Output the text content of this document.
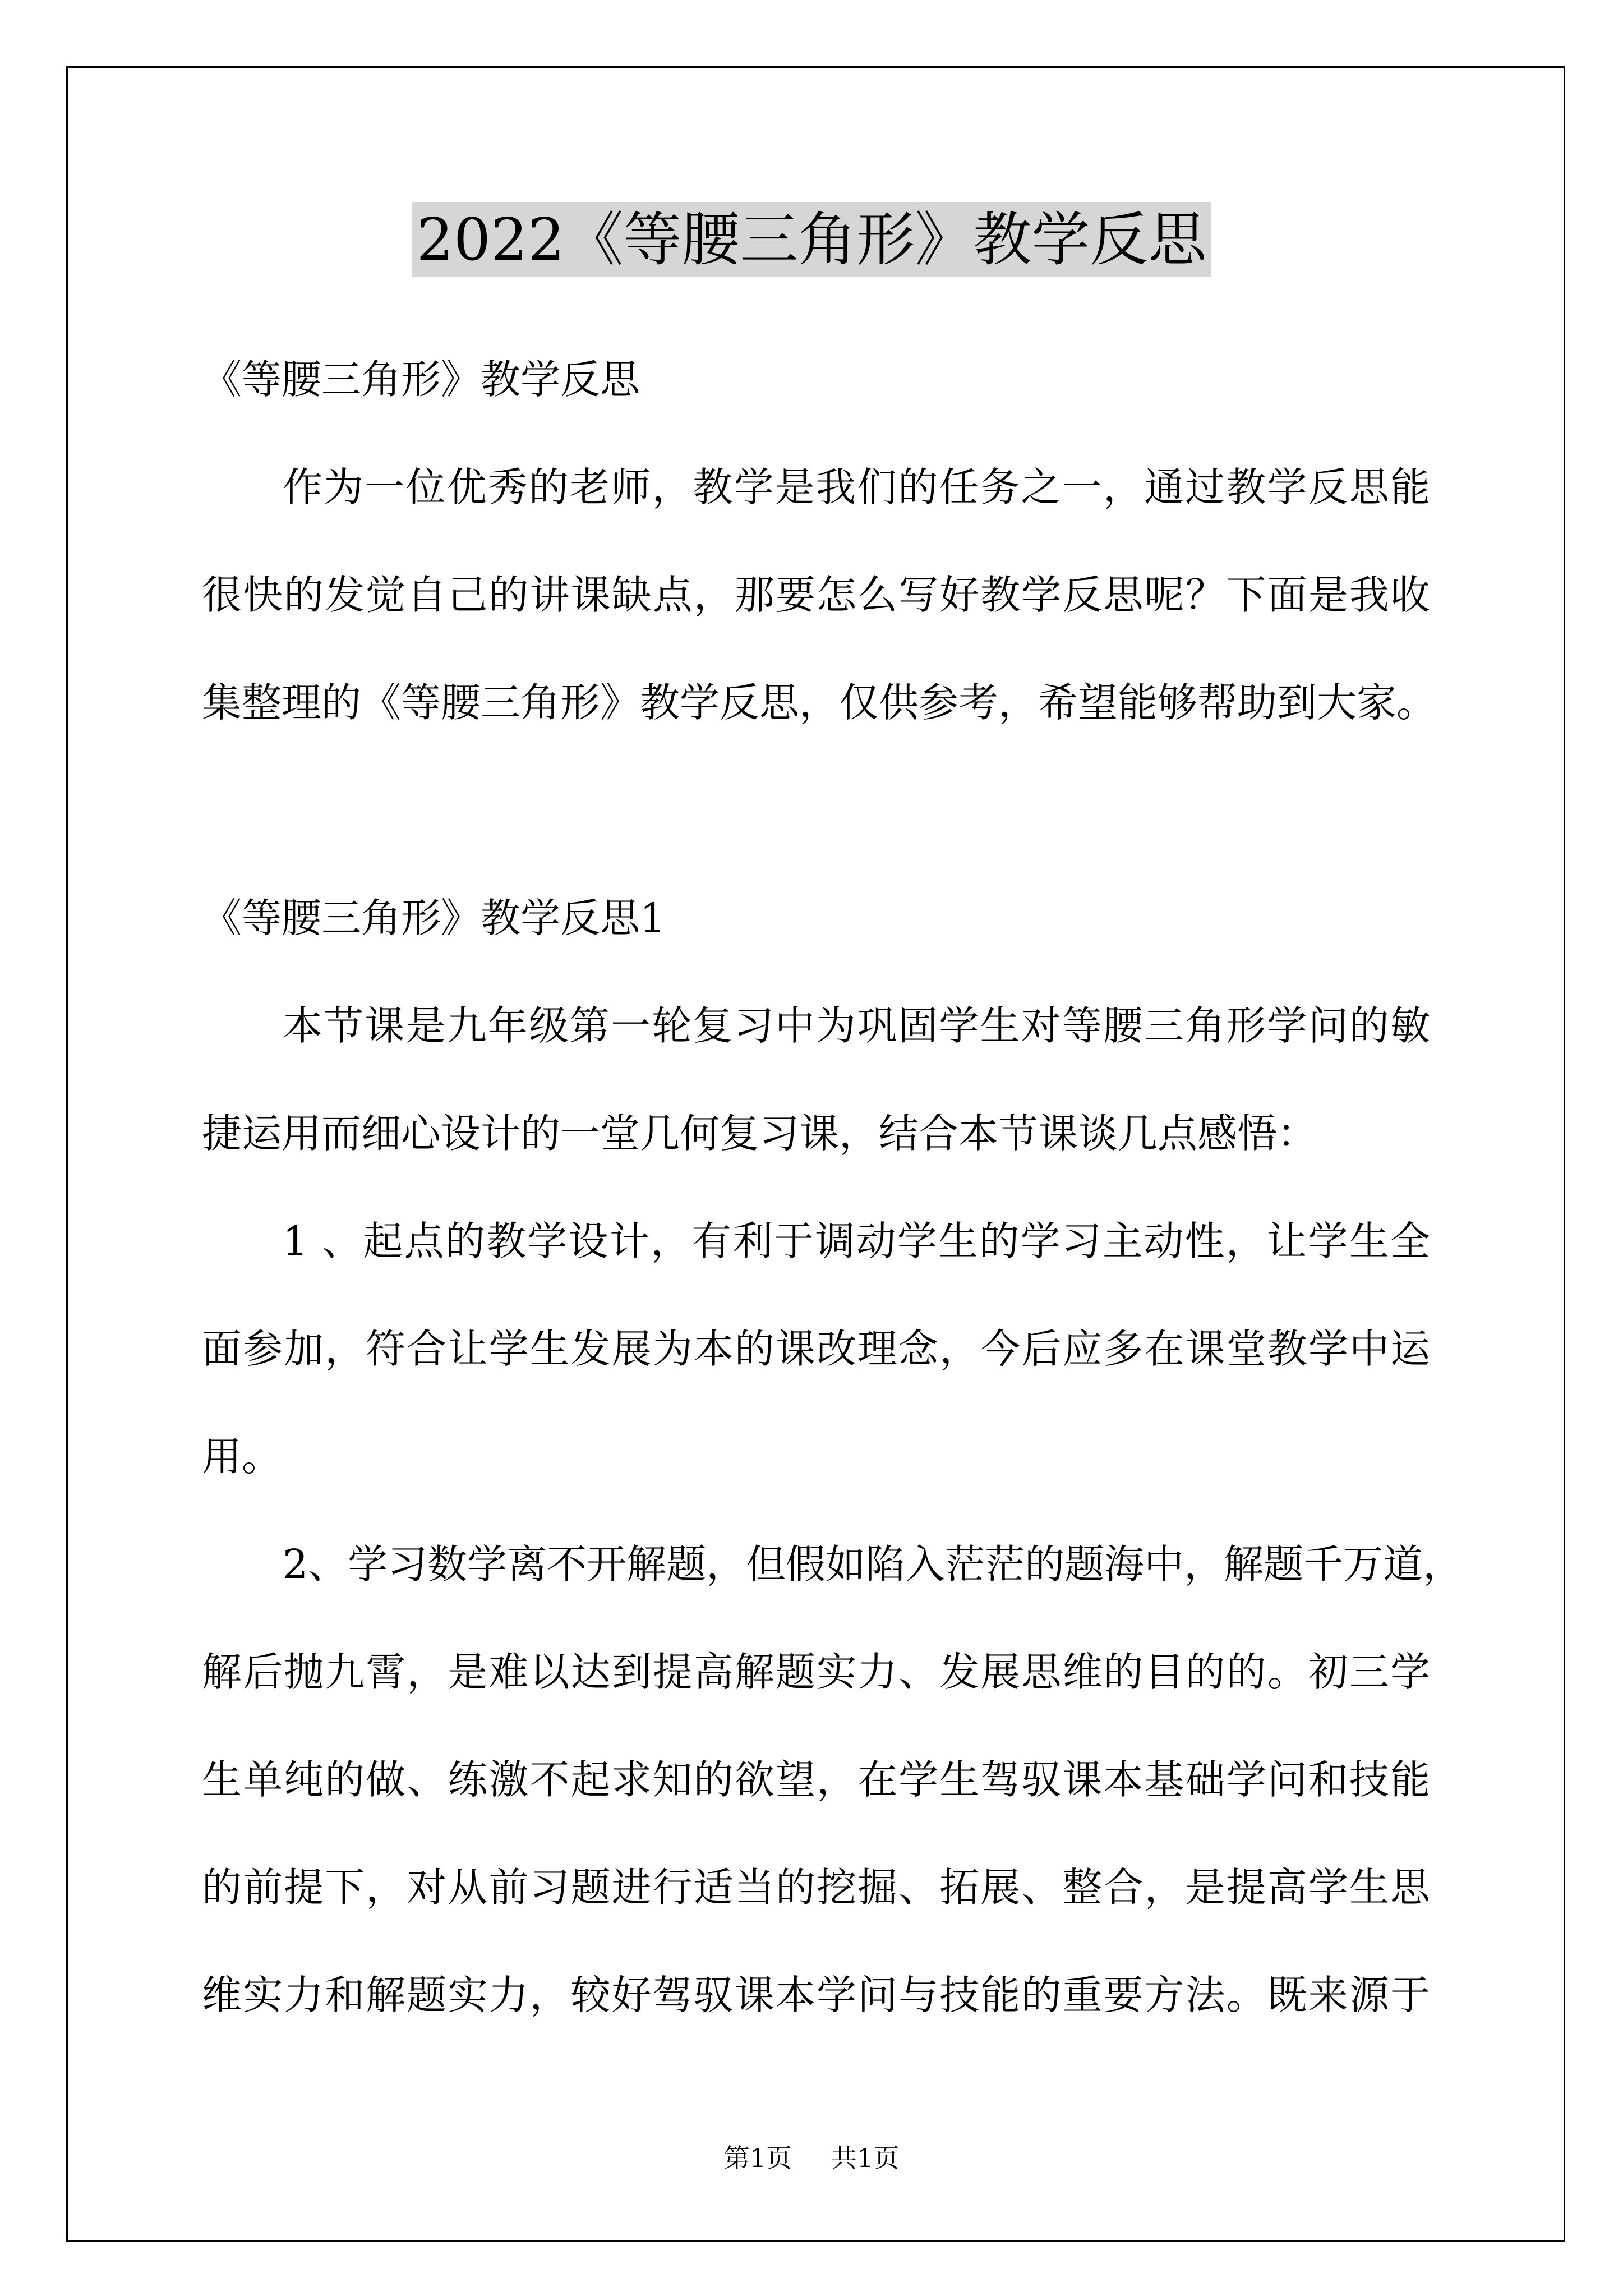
2022《等腰三角形》教学反思
《等腰三角形》教学反思
作为一位优秀的老师，教学是我们的任务之一，通过教学反思能
很快的发觉自己的讲课缺点，那要怎么写好教学反思呢？下面是我收
集整理的《等腰三角形》教学反思，仅供参考，希望能够帮助到大家。
《等腰三角形》教学反思1
本节课是九年级第一轮复习中为巩固学生对等腰三角形学问的敏
捷运用而细心设计的一堂几何复习课，结合本节课谈几点感悟：
1 、起点的教学设计，有利于调动学生的学习主动性，让学生全
面参加，符合让学生发展为本的课改理念，今后应多在课堂教学中运
用。
2、学习数学离不开解题，但假如陷入茫茫的题海中，解题千万道，
解后抛九霄，是难以达到提高解题实力、发展思维的目的的。初三学
生单纯的做、练激不起求知的欲望，在学生驾驭课本基础学问和技能
的前提下，对从前习题进行适当的挖掘、拓展、整合，是提高学生思
维实力和解题实力，较好驾驭课本学问与技能的重要方法。既来源于
第1页 共1页
